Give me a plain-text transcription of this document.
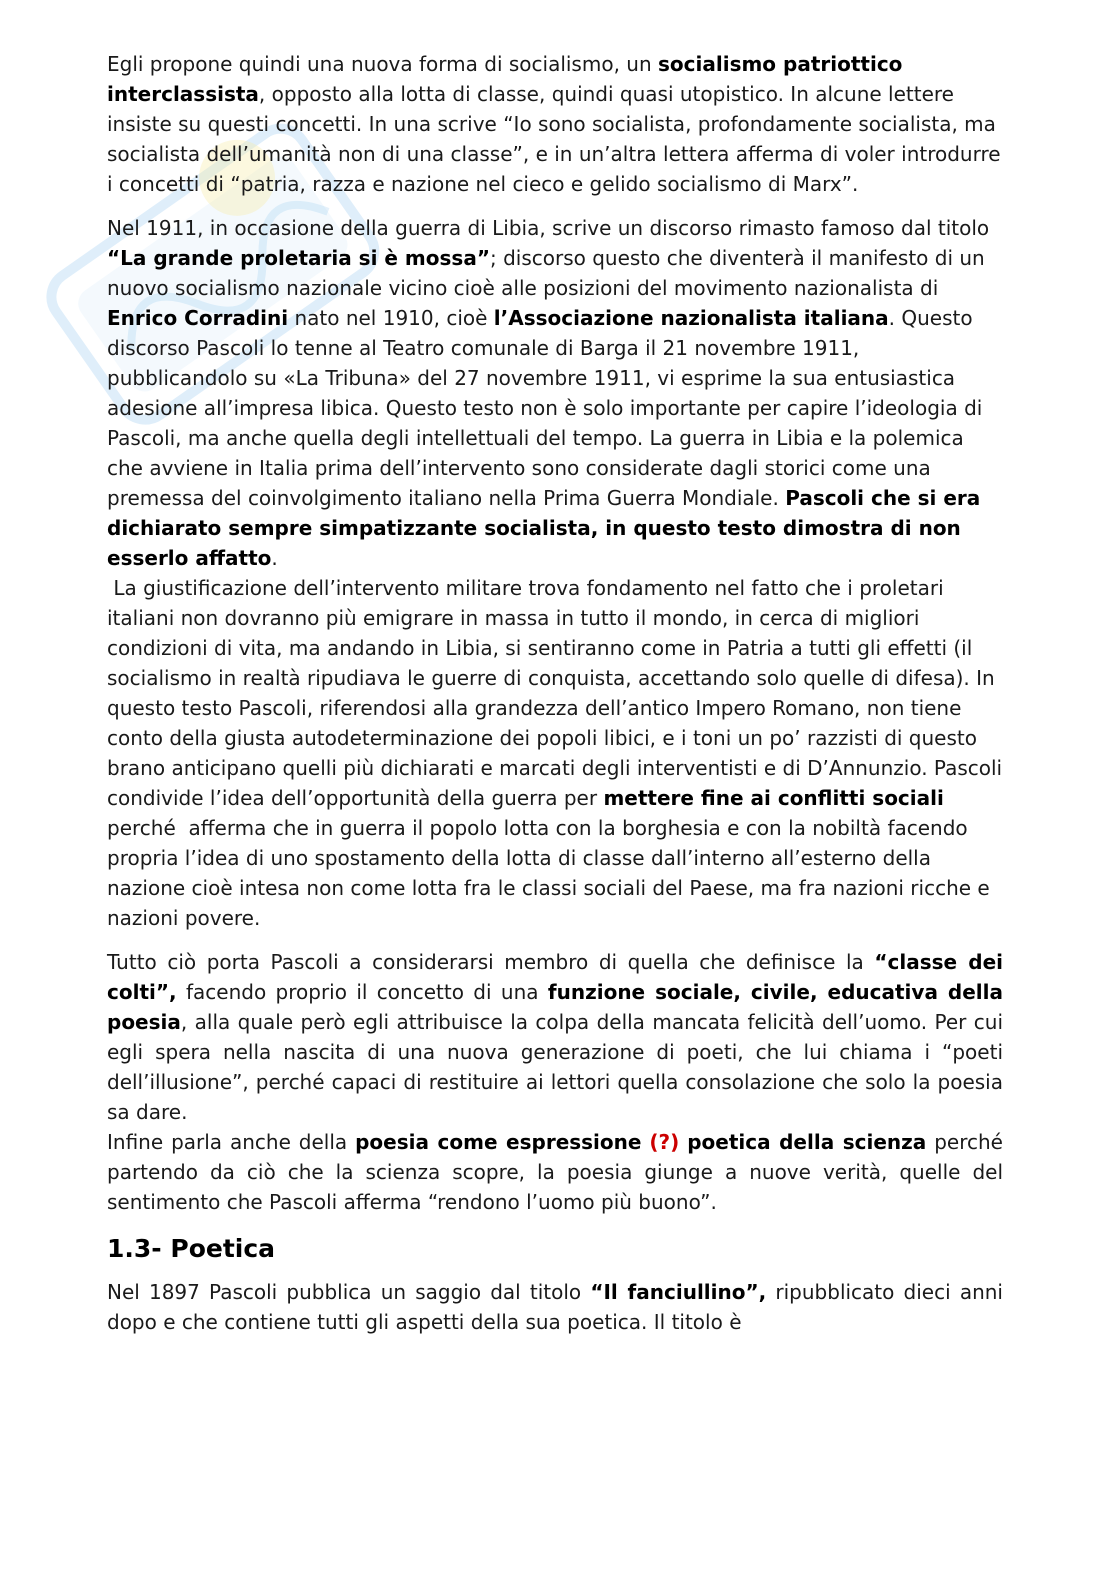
Egli propone quindi una nuova forma di socialismo, un socialismo patriottico interclassista, opposto alla lotta di classe, quindi quasi utopistico. In alcune lettere insiste su questi concetti. In una scrive “Io sono socialista, profondamente socialista, ma socialista dell’umanità non di una classe”, e in un’altra lettera afferma di voler introdurre i concetti di “patria, razza e nazione nel cieco e gelido socialismo di Marx”.

Nel 1911, in occasione della guerra di Libia, scrive un discorso rimasto famoso dal titolo “La grande proletaria si è mossa”; discorso questo che diventerà il manifesto di un nuovo socialismo nazionale vicino cioè alle posizioni del movimento nazionalista di Enrico Corradini nato nel 1910, cioè l’Associazione nazionalista italiana. Questo discorso Pascoli lo tenne al Teatro comunale di Barga il 21 novembre 1911, pubblicandolo su «La Tribuna» del 27 novembre 1911, vi esprime la sua entusiastica adesione all’impresa libica. Questo testo non è solo importante per capire l’ideologia di Pascoli, ma anche quella degli intellettuali del tempo. La guerra in Libia e la polemica che avviene in Italia prima dell’intervento sono considerate dagli storici come una premessa del coinvolgimento italiano nella Prima Guerra Mondiale. Pascoli che si era dichiarato sempre simpatizzante socialista, in questo testo dimostra di non esserlo affatto.

La giustificazione dell’intervento militare trova fondamento nel fatto che i proletari italiani non dovranno più emigrare in massa in tutto il mondo, in cerca di migliori condizioni di vita, ma andando in Libia, si sentiranno come in Patria a tutti gli effetti (il socialismo in realtà ripudiava le guerre di conquista, accettando solo quelle di difesa). In questo testo Pascoli, riferendosi alla grandezza dell’antico Impero Romano, non tiene conto della giusta autodeterminazione dei popoli libici, e i toni un po’ razzisti di questo brano anticipano quelli più dichiarati e marcati degli interventisti e di D’Annunzio. Pascoli condivide l’idea dell’opportunità della guerra per mettere fine ai conflitti sociali perché  afferma che in guerra il popolo lotta con la borghesia e con la nobiltà facendo propria l’idea di uno spostamento della lotta di classe dall’interno all’esterno della nazione cioè intesa non come lotta fra le classi sociali del Paese, ma fra nazioni ricche e nazioni povere.

Tutto ciò porta Pascoli a considerarsi membro di quella che definisce la “classe dei colti”, facendo proprio il concetto di una funzione sociale, civile, educativa della poesia, alla quale però egli attribuisce la colpa della mancata felicità dell’uomo. Per cui egli spera nella nascita di una nuova generazione di poeti, che lui chiama i “poeti dell’illusione”, perché capaci di restituire ai lettori quella consolazione che solo la poesia sa dare.

Infine parla anche della poesia come espressione (?) poetica della scienza perché partendo da ciò che la scienza scopre, la poesia giunge a nuove verità, quelle del sentimento che Pascoli afferma “rendono l’uomo più buono”.

1.3- Poetica

Nel 1897 Pascoli pubblica un saggio dal titolo “Il fanciullino”, ripubblicato dieci anni dopo e che contiene tutti gli aspetti della sua poetica. Il titolo è
